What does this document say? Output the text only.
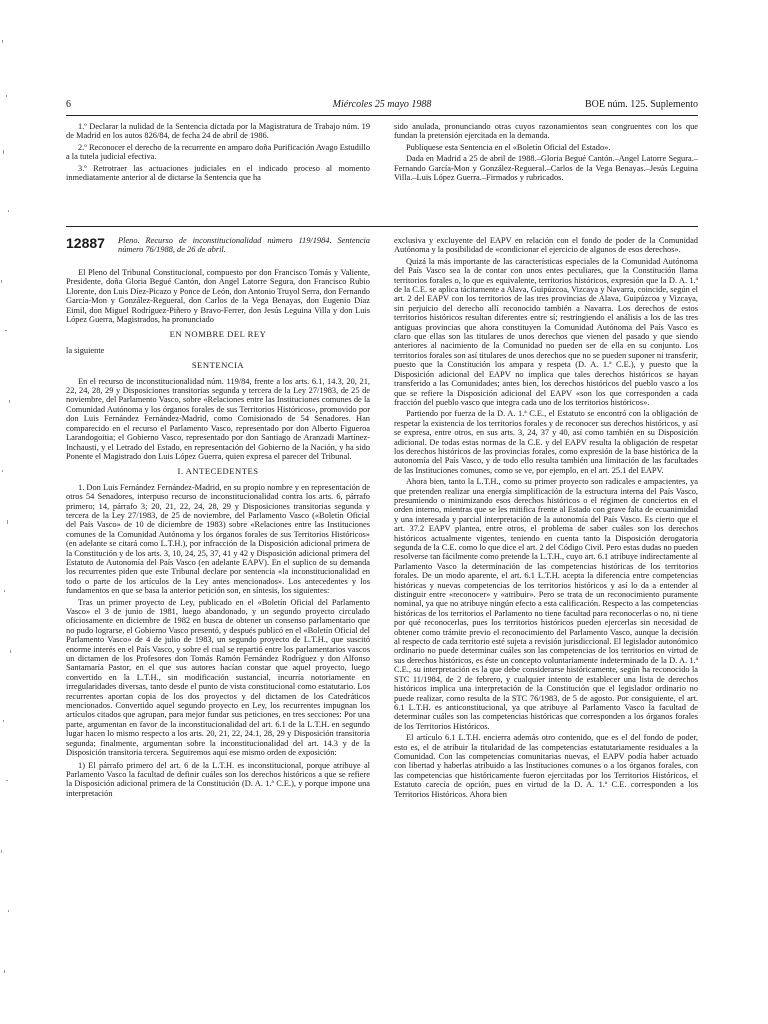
6	Miércoles 25 mayo 1988	BOE núm. 125. Suplemento

1.º Declarar la nulidad de la Sentencia dictada por la Magistratura de Trabajo núm. 19 de Madrid en los autos 826/84, de fecha 24 de abril de 1986.

2.º Reconocer el derecho de la recurrente en amparo doña Purificación Avago Estudillo a la tutela judicial efectiva.

3.º Retrotraer las actuaciones judiciales en el indicado proceso al momento inmediatamente anterior al de dictarse la Sentencia que ha

sido anulada, pronunciando otras cuyos razonamientos sean congruentes con los que fundan la pretensión ejercitada en la demanda.

Publíquese esta Sentencia en el «Boletín Oficial del Estado».

Dada en Madrid a 25 de abril de 1988.–Gloria Begué Cantón.–Angel Latorre Segura.–Fernando García-Mon y González-Regueral.–Carlos de la Vega Benayas.–Jesús Leguina Villa.–Luis López Guerra.–Firmados y rubricados.

12887	Pleno. Recurso de inconstitucionalidad número 119/1984. Sentencia número 76/1988, de 26 de abril.

El Pleno del Tribunal Constitucional, compuesto por don Francisco Tomás y Valiente, Presidente, doña Gloria Begué Cantón, don Angel Latorre Segura, don Francisco Rubio Llorente, don Luis Díez-Picazo y Ponce de León, don Antonio Truyol Serra, don Fernando García-Mon y González-Regueral, don Carlos de la Vega Benayas, don Eugenio Díaz Eimil, don Miguel Rodríguez-Piñero y Bravo-Ferrer, don Jesús Leguina Villa y don Luis López Guerra, Magistrados, ha pronunciado

EN NOMBRE DEL REY

la siguiente

SENTENCIA

En el recurso de inconstitucionalidad núm. 119/84, frente a los arts. 6.1, 14.3, 20, 21, 22, 24, 28, 29 y Disposiciones transitorias segunda y tercera de la Ley 27/1983, de 25 de noviembre, del Parlamento Vasco, sobre «Relaciones entre las Instituciones comunes de la Comunidad Autónoma y los órganos forales de sus Territorios Históricos», promovido por don Luis Fernández Fernández-Madrid, como Comisionado de 54 Senadores. Han comparecido en el recurso el Parlamento Vasco, representado por don Alberto Figueroa Larandogoitia; el Gobierno Vasco, representado por don Santiago de Aranzadi Martínez-Inchausti, y el Letrado del Estado, en representación del Gobierno de la Nación, y ha sido Ponente el Magistrado don Luis López Guerra, quien expresa el parecer del Tribunal.

I. ANTECEDENTES

1. Don Luis Fernández Fernández-Madrid, en su propio nombre y en representación de otros 54 Senadores, interpuso recurso de inconstitucionalidad contra los arts. 6, párrafo primero; 14, párrafo 3; 20, 21, 22, 24, 28, 29 y Disposiciones transitorias segunda y tercera de la Ley 27/1983, de 25 de noviembre, del Parlamento Vasco («Boletín Oficial del País Vasco» de 10 de diciembre de 1983) sobre «Relaciones entre las Instituciones comunes de la Comunidad Autónoma y los órganos forales de sus Territorios Históricos» (en adelante se citará como L.T.H.), por infracción de la Disposición adicional primera de la Constitución y de los arts. 3, 10, 24, 25, 37, 41 y 42 y Disposición adicional primera del Estatuto de Autonomía del País Vasco (en adelante EAPV). En el suplico de su demanda los recurrentes piden que este Tribunal declare por sentencia «la inconstitucionalidad en todo o parte de los artículos de la Ley antes mencionados». Los antecedentes y los fundamentos en que se basa la anterior petición son, en síntesis, los siguientes:

Tras un primer proyecto de Ley, publicado en el «Boletín Oficial del Parlamento Vasco» el 3 de junio de 1981, luego abandonado, y un segundo proyecto circulado oficiosamente en diciembre de 1982 en busca de obtener un consenso parlamentario que no pudo lograrse, el Gobierno Vasco presentó, y después publicó en el «Boletín Oficial del Parlamento Vasco» de 4 de julio de 1983, un segundo proyecto de L.T.H., que suscitó enorme interés en el País Vasco, y sobre el cual se repartió entre los parlamentarios vascos un dictamen de los Profesores don Tomás Ramón Fernández Rodríguez y don Alfonso Santamaría Pastor, en el que sus autores hacían constar que aquel proyecto, luego convertido en la L.T.H., sin modificación sustancial, incurría notoriamente en irregularidades diversas, tanto desde el punto de vista constitucional como estatutario. Los recurrentes aportan copia de los dos proyectos y del dictamen de los Catedráticos mencionados. Convertido aquel segundo proyecto en Ley, los recurrentes impugnan los artículos citados que agrupan, para mejor fundar sus peticiones, en tres secciones: Por una parte, argumentan en favor de la inconstitucionalidad del art. 6.1 de la L.T.H. en segundo lugar hacen lo mismo respecto a los arts. 20, 21, 22, 24.1, 28, 29 y Disposición transitoria segunda; finalmente, argumentan sobre la inconstitucionalidad del art. 14.3 y de la Disposición transitoria tercera. Seguiremos aquí ese mismo orden de exposición:

1) El párrafo primero del art. 6 de la L.T.H. es inconstitucional, porque atribuye al Parlamento Vasco la facultad de definir cuáles son los derechos históricos a que se refiere la Disposición adicional primera de la Constitución (D. A. 1.ª C.E.), y porque impone una interpretación

exclusiva y excluyente del EAPV en relación con el fondo de poder de la Comunidad Autónoma y la posibilidad de «condicionar el ejercicio de algunos de esos derechos».

Quizá la más importante de las características especiales de la Comunidad Autónoma del País Vasco sea la de contar con unos entes peculiares, que la Constitución llama territorios forales o, lo que es equivalente, territorios históricos, expresión que la D. A. 1.ª de la C.E. se aplica tácitamente a Alava, Guipúzcoa, Vizcaya y Navarra, coincide, según el art. 2 del EAPV con los territorios de las tres provincias de Alava, Guipúzcoa y Vizcaya, sin perjuicio del derecho allí reconocido también a Navarra. Los derechos de estos territorios históricos resultan diferentes entre sí; restringiendo el análisis a los de las tres antiguas provincias que ahora constituyen la Comunidad Autónoma del País Vasco es claro que ellas son las titulares de unos derechos que vienen del pasado y que siendo anteriores al nacimiento de la Comunidad no pueden ser de ella en su conjunto. Los territorios forales son así titulares de unos derechos que no se pueden suponer ni transferir, puesto que la Constitución los ampara y respeta (D. A. 1.ª C.E.), y puesto que la Disposición adicional del EAPV no implica que tales derechos históricos se hayan transferido a las Comunidades; antes bien, los derechos históricos del pueblo vasco a los que se refiere la Disposición adicional del EAPV «son los que corresponden a cada fracción del pueblo vasco que integra cada uno de los territorios históricos».

Partiendo por fuerza de la D. A. 1.ª C.E., el Estatuto se encontró con la obligación de respetar la existencia de los territorios forales y de reconocer sus derechos históricos, y así se expresa, entre otros, en sus arts. 3, 24, 37 y 40, así como también en su Disposición adicional. De todas estas normas de la C.E. y del EAPV resulta la obligación de respetar los derechos históricos de las provincias forales, como expresión de la base histórica de la autonomía del País Vasco, y de todo ello resulta también una limitación de las facultades de las Instituciones comunes, como se ve, por ejemplo, en el art. 25.1 del EAPV.

Ahora bien, tanto la L.T.H., como su primer proyecto son radicales e ampacientes, ya que pretenden realizar una energía simplificación de la estructura interna del País Vasco, presumiendo o minimizando esos derechos históricos o el régimen de conciertos en el orden interno, mientras que se les mitifica frente al Estado con grave falta de ecuanimidad y una interesada y parcial interpretación de la autonomía del País Vasco. Es cierto que el art. 37.2 EAPV plantea, entre otros, el problema de saber cuáles son los derechos históricos actualmente vigentes, teniendo en cuenta tanto la Disposición derogatoria segunda de la C.E. como lo que dice el art. 2 del Código Civil. Pero estas dudas no pueden resolverse tan fácilmente como pretende la L.T.H., cuyo art. 6.1 atribuye indirectamente al Parlamento Vasco la determinación de las competencias históricas de los territorios forales. De un modo aparente, el art. 6.1 L.T.H. acepta la diferencia entre competencias históricas y nuevas competencias de los territorios históricos y así lo da a entender al distinguir entre «reconocer» y «atribuir». Pero se trata de un reconocimiento puramente nominal, ya que no atribuye ningún efecto a esta calificación. Respecto a las competencias históricas de los territorios el Parlamento no tiene facultad para reconocerlas o no, ni tiene por qué reconocerlas, pues los territorios históricos pueden ejercerlas sin necesidad de obtener como trámite previo el reconocimiento del Parlamento Vasco, aunque la decisión al respecto de cada territorio esté sujeta a revisión jurisdiccional. El legislador autonómico ordinario no puede determinar cuáles son las competencias de los territorios en virtud de sus derechos históricos, es éste un concepto voluntariamente indeterminado de la D. A. 1.ª C.E., su interpretación es la que debe considerarse históricamente, según ha reconocido la STC 11/1984, de 2 de febrero, y cualquier intento de establecer una lista de derechos históricos implica una interpretación de la Constitución que el legislador ordinario no puede realizar, como resulta de la STC 76/1983, de 5 de agosto. Por consiguiente, el art. 6.1 L.T.H. es anticonstitucional, ya que atribuye al Parlamento Vasco la facultad de determinar cuáles son las competencias históricas que corresponden a los órganos forales de los Territorios Históricos.

El artículo 6.1 L.T.H. encierra además otro contenido, que es el del fondo de poder, esto es, el de atribuir la titularidad de las competencias estatutariamente residuales a la Comunidad. Con las competencias comunitarias nuevas, el EAPV podía haber actuado con libertad y haberlas atribuido a las Instituciones comunes o a los órganos forales, con las competencias que históricamente fueron ejercitadas por los Territorios Históricos, el Estatuto carecía de opción, pues en virtud de la D. A. 1.ª C.E. corresponden a los Territorios Históricos. Ahora bien
